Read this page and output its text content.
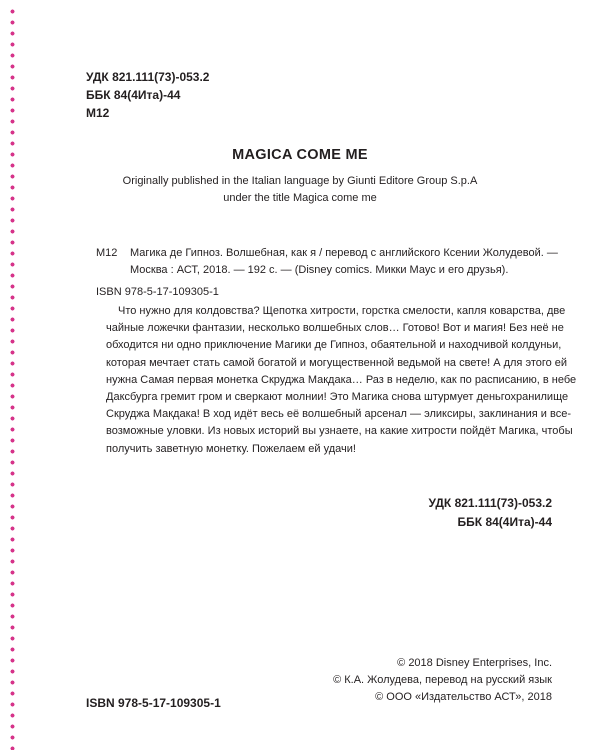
УДК 821.111(73)-053.2
ББК 84(4Ита)-44
М12
MAGICA COME ME
Originally published in the Italian language by Giunti Editore Group S.p.A
under the title Magica come me
М12 Магика де Гипноз. Волшебная, как я / перевод с английского Ксении Жолудевой. —
Москва : АСТ, 2018. — 192 с. — (Disney comics. Микки Маус и его друзья).
ISBN 978-5-17-109305-1
Что нужно для колдовства? Щепотка хитрости, горстка смелости, капля коварства, две
чайные ложечки фантазии, несколько волшебных слов… Готово! Вот и магия! Без неё не
обходится ни одно приключение Магики де Гипноз, обаятельной и находчивой колдуньи,
которая мечтает стать самой богатой и могущественной ведьмой на свете! А для этого ей
нужна Самая первая монетка Скруджа Макдака… Раз в неделю, как по расписанию, в небе
Даксбурга гремит гром и сверкают молнии! Это Магика снова штурмует деньгохранилище
Скруджа Макдака! В ход идёт весь её волшебный арсенал — эликсиры, заклинания и все-
возможные уловки. Из новых историй вы узнаете, на какие хитрости пойдёт Магика, чтобы
получить заветную монетку. Пожелаем ей удачи!
УДК 821.111(73)-053.2
ББК 84(4Ита)-44
© 2018 Disney Enterprises, Inc.
© К.А. Жолудева, перевод на русский язык
© ООО «Издательство АСТ», 2018
ISBN 978-5-17-109305-1
